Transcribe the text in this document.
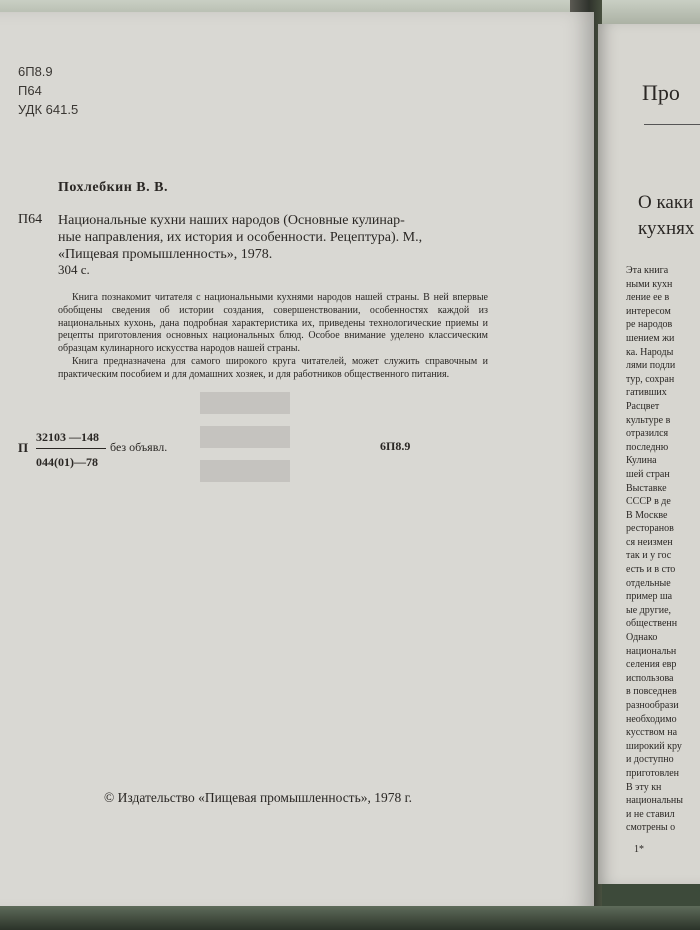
6П8.9
П64
УДК 641.5
Похлебкин В. В.
П64 Национальные кухни наших народов (Основные кулинар-
ные направления, их история и особенности. Рецептура). М.,
«Пищевая промышленность», 1978.
304 с.

Книга познакомит читателя с национальными кухнями народов нашей страны. В ней впервые обобщены сведения об истории создания, совершенствовании, особенностях каждой из национальных кухонь, дана подробная характеристика их, приведены технологические приемы и рецепты приготовления основных национальных блюд. Особое внимание уделено классическим образцам кулинарного искусства народов нашей страны.

Книга предназначена для самого широкого круга читателей, может служить справочным и практическим пособием и для домашних хозяек, и для работников общественного питания.

32103 —148
П
044(01)—78
без объявл.	6П8.9
© Издательство «Пищевая промышленность», 1978 г.
Про
О каки
кухнях

Эта книга

ными кухн

ление ее в

интересом

ре народов

шением жи

ка. Народы

лями подли

тур, сохран

гативших

Расцвет

культуре в

отразился

последню

Кулина

шей стран

Выставке

СССР в де

В Москве

ресторанов

ся неизмен

так и у гос

есть и в сто

отдельные

пример ша

ые другие,

общественн

Однако

национальн

селения евр

использова

в повседнев

разнообрази

необходимо

кусством на

широкий кру

и доступно

приготовлен

В эту кн

национальны

и не ставил

смотрены о

1*
